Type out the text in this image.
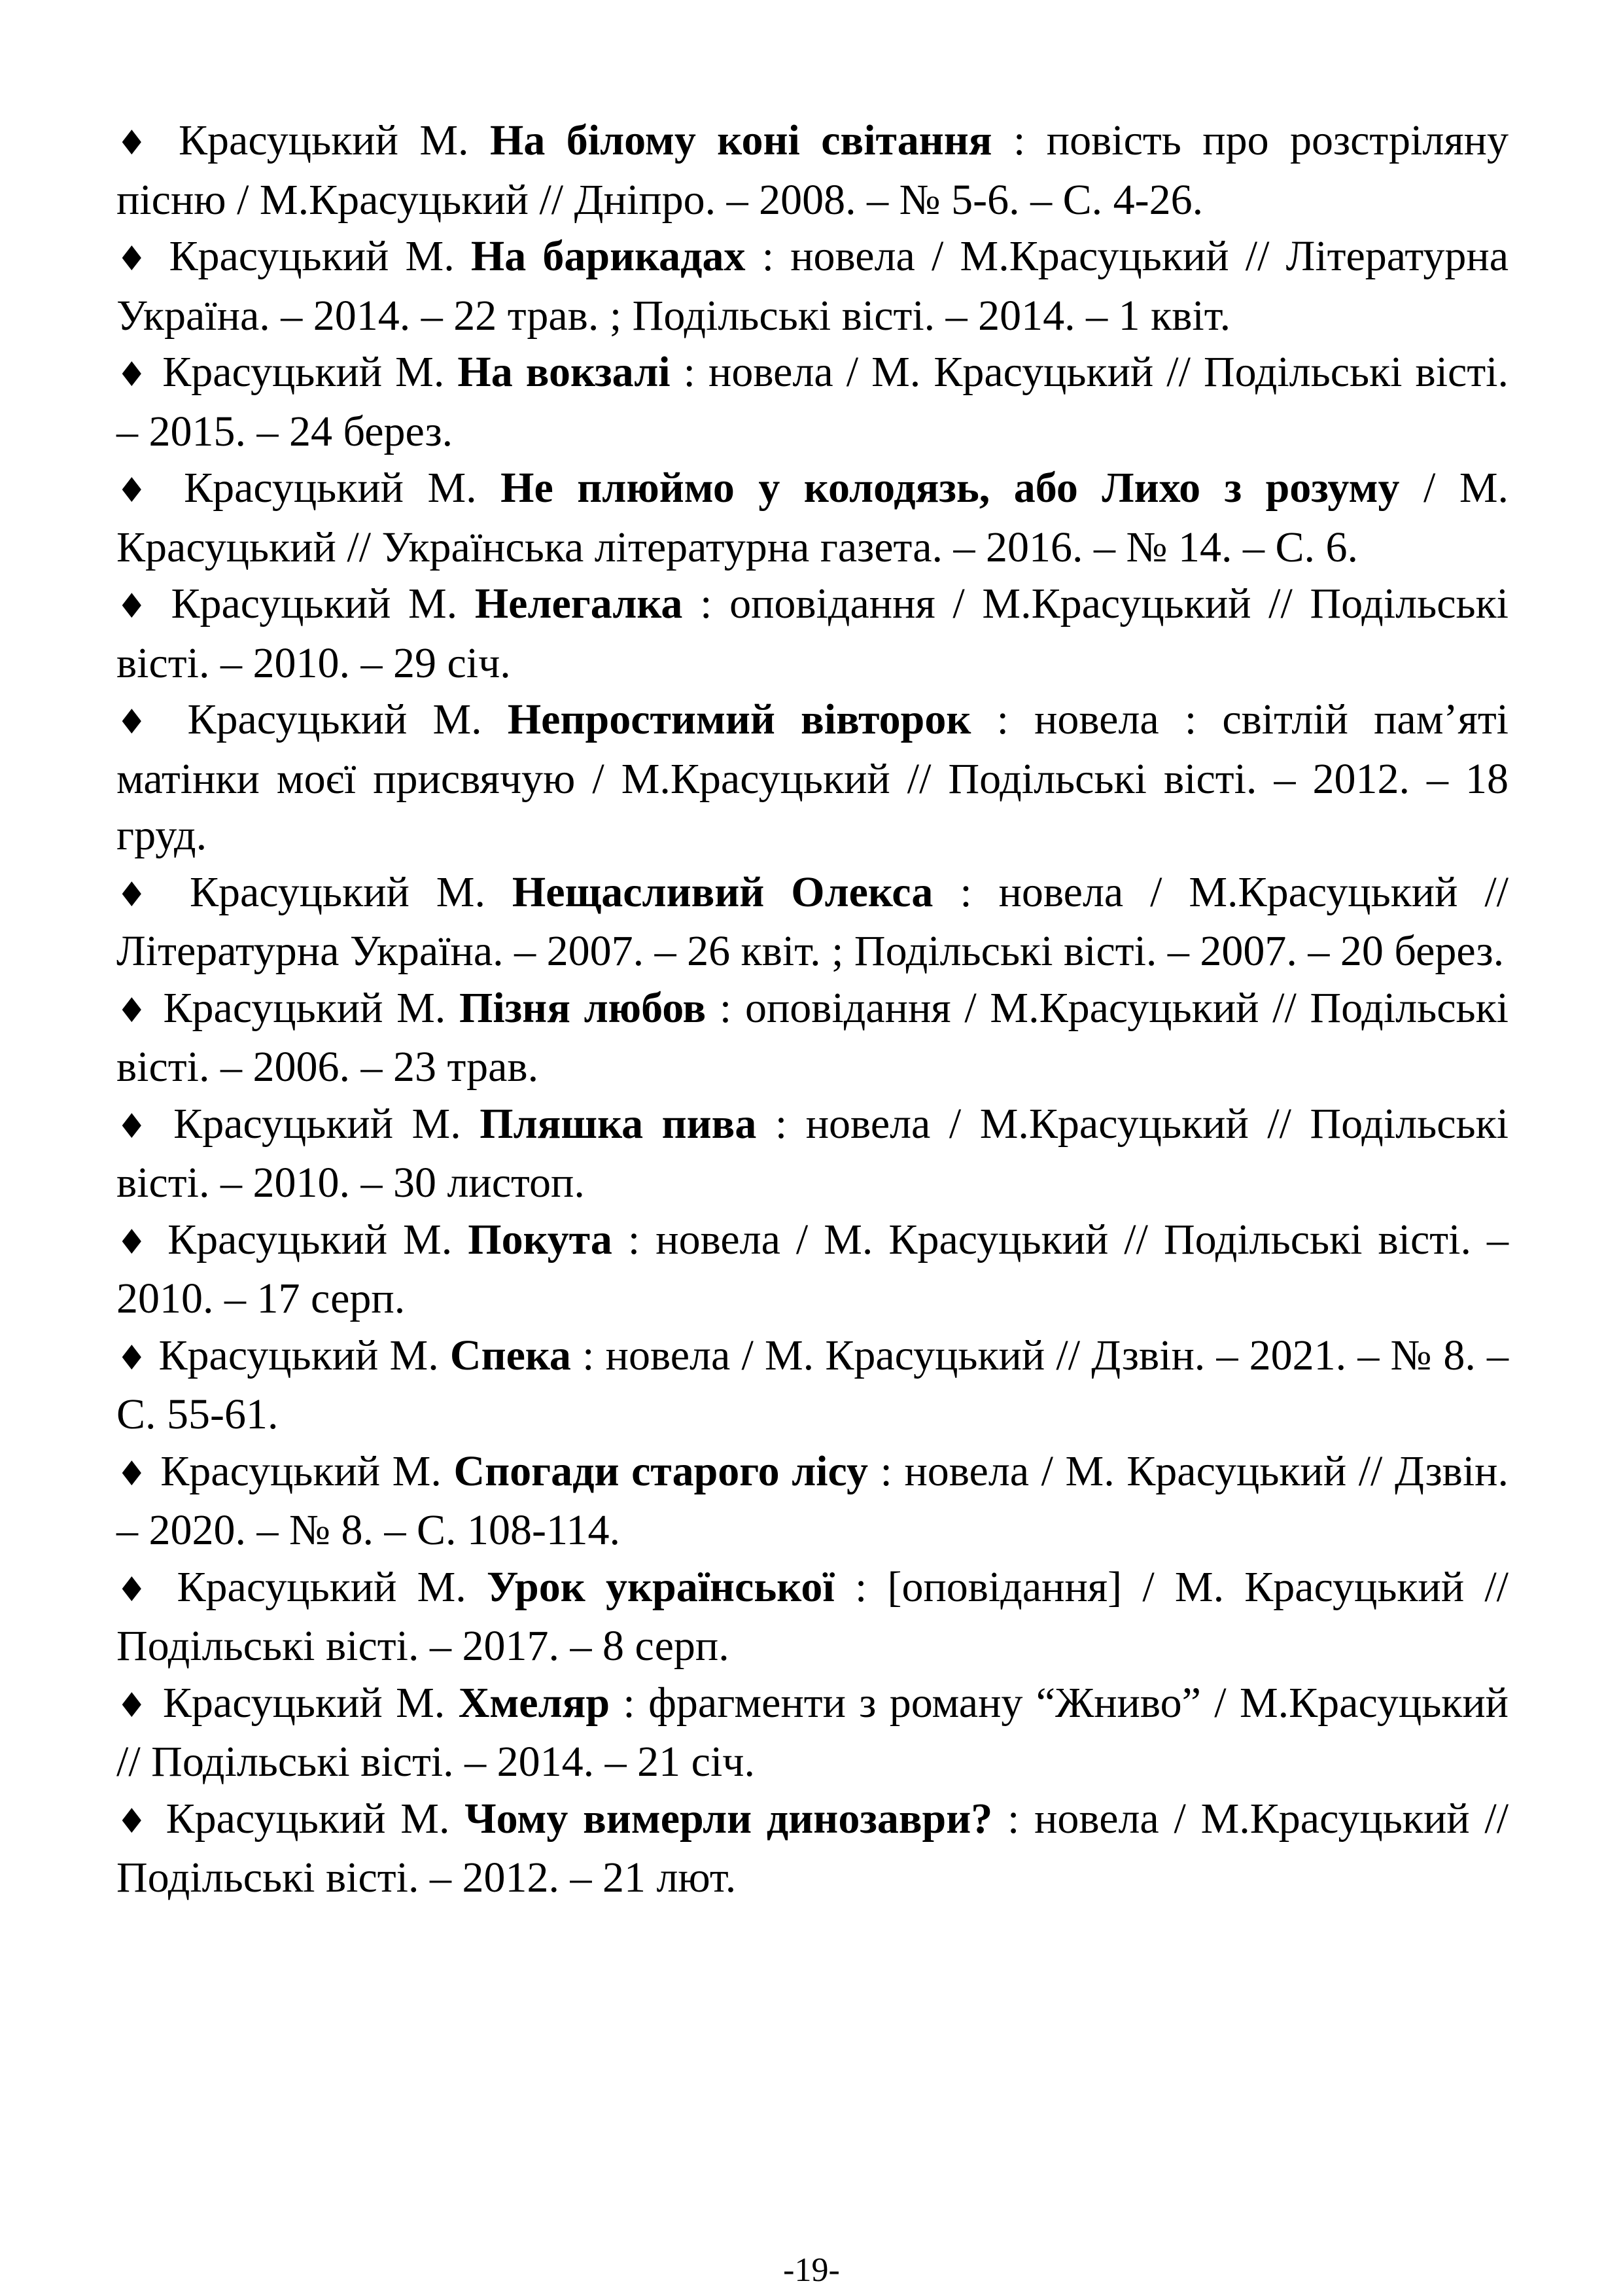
♦ Красуцький М. На білому коні світання : повість про розстріляну пісню / М.Красуцький // Дніпро. – 2008. – № 5-6. – С. 4-26.

♦ Красуцький М. На барикадах : новела / М.Красуцький // Літературна Україна. – 2014. – 22 трав. ; Подільські вісті. – 2014. – 1 квіт.

♦ Красуцький М. На вокзалі : новела / М. Красуцький // Подільські вісті. – 2015. – 24 берез.

♦ Красуцький М. Не плюймо у колодязь, або Лихо з розуму / М. Красуцький // Українська літературна газета. – 2016. – № 14. – С. 6.

♦ Красуцький М. Нелегалка : оповідання / М.Красуцький // Подільські вісті. – 2010. – 29 січ.

♦ Красуцький М. Непростимий вівторок : новела : світлій пам’яті матінки моєї присвячую / М.Красуцький // Подільські вісті. – 2012. – 18 груд.

♦ Красуцький М. Нещасливий Олекса : новела / М.Красуцький // Літературна Україна. – 2007. – 26 квіт. ; Подільські вісті. – 2007. – 20 берез.

♦ Красуцький М. Пізня любов : оповідання / М.Красуцький // Подільські вісті. – 2006. – 23 трав.

♦ Красуцький М. Пляшка пива : новела / М.Красуцький // Подільські вісті. – 2010. – 30 листоп.

♦ Красуцький М. Покута : новела / М. Красуцький // Подільські вісті. – 2010. – 17 серп.

♦ Красуцький М. Спека : новела / М. Красуцький // Дзвін. – 2021. – № 8. – С. 55-61.

♦ Красуцький М. Спогади старого лісу : новела / М. Красуцький // Дзвін. – 2020. – № 8. – С. 108-114.

♦ Красуцький М. Урок української : [оповідання] / М. Красуцький // Подільські вісті. – 2017. – 8 серп.

♦ Красуцький М. Хмеляр : фрагменти з роману “Жниво” / М.Красуцький // Подільські вісті. – 2014. – 21 січ.

♦ Красуцький М. Чому вимерли динозаври? : новела / М.Красуцький // Подільські вісті. – 2012. – 21 лют.

-19-
